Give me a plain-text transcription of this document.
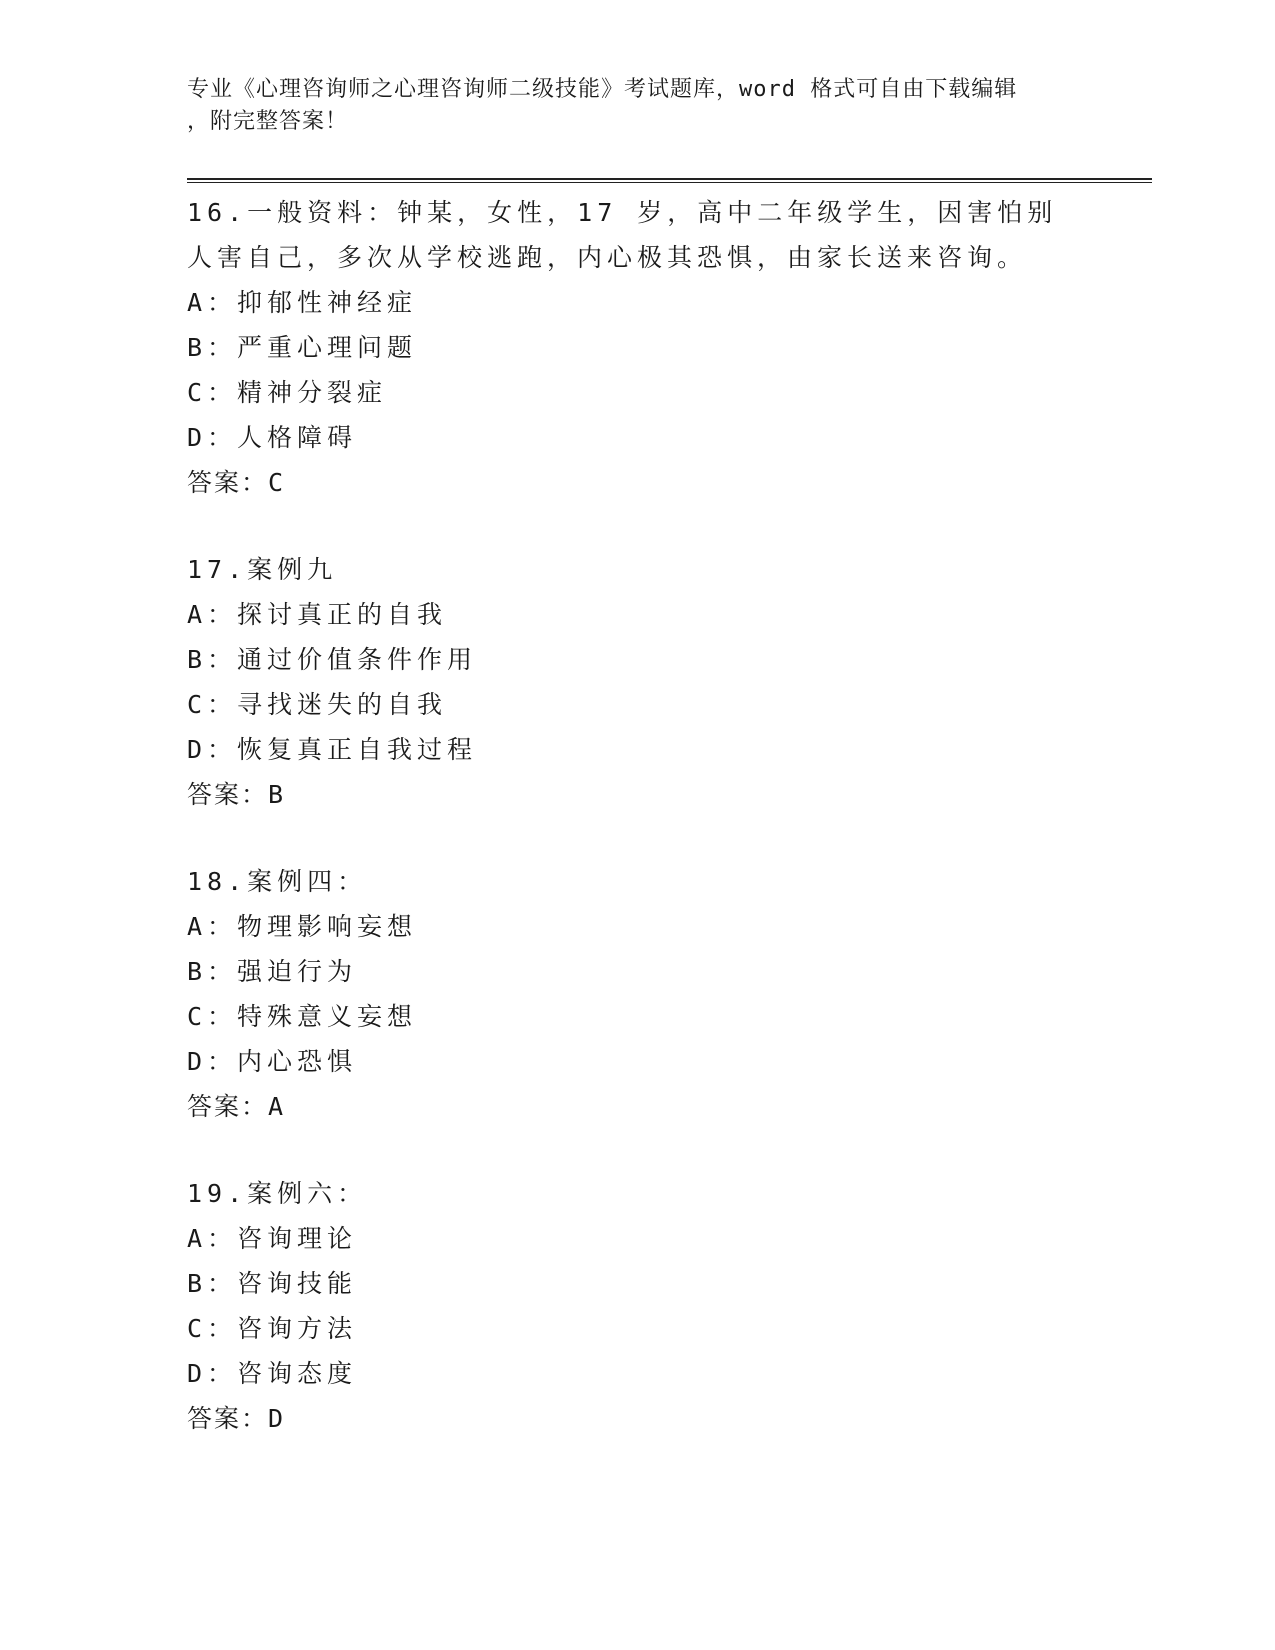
专业《心理咨询师之心理咨询师二级技能》考试题库，word 格式可自由下载编辑
，附完整答案！
16.一般资料：钟某，女性，17 岁，高中二年级学生，因害怕别人害自己，多次从学校逃跑，内心极其恐惧，由家长送来咨询。
A：抑郁性神经症
B：严重心理问题
C：精神分裂症
D：人格障碍
答案：C
17.案例九
A：探讨真正的自我
B：通过价值条件作用
C：寻找迷失的自我
D：恢复真正自我过程
答案：B
18.案例四：
A：物理影响妄想
B：强迫行为
C：特殊意义妄想
D：内心恐惧
答案：A
19.案例六：
A：咨询理论
B：咨询技能
C：咨询方法
D：咨询态度
答案：D
